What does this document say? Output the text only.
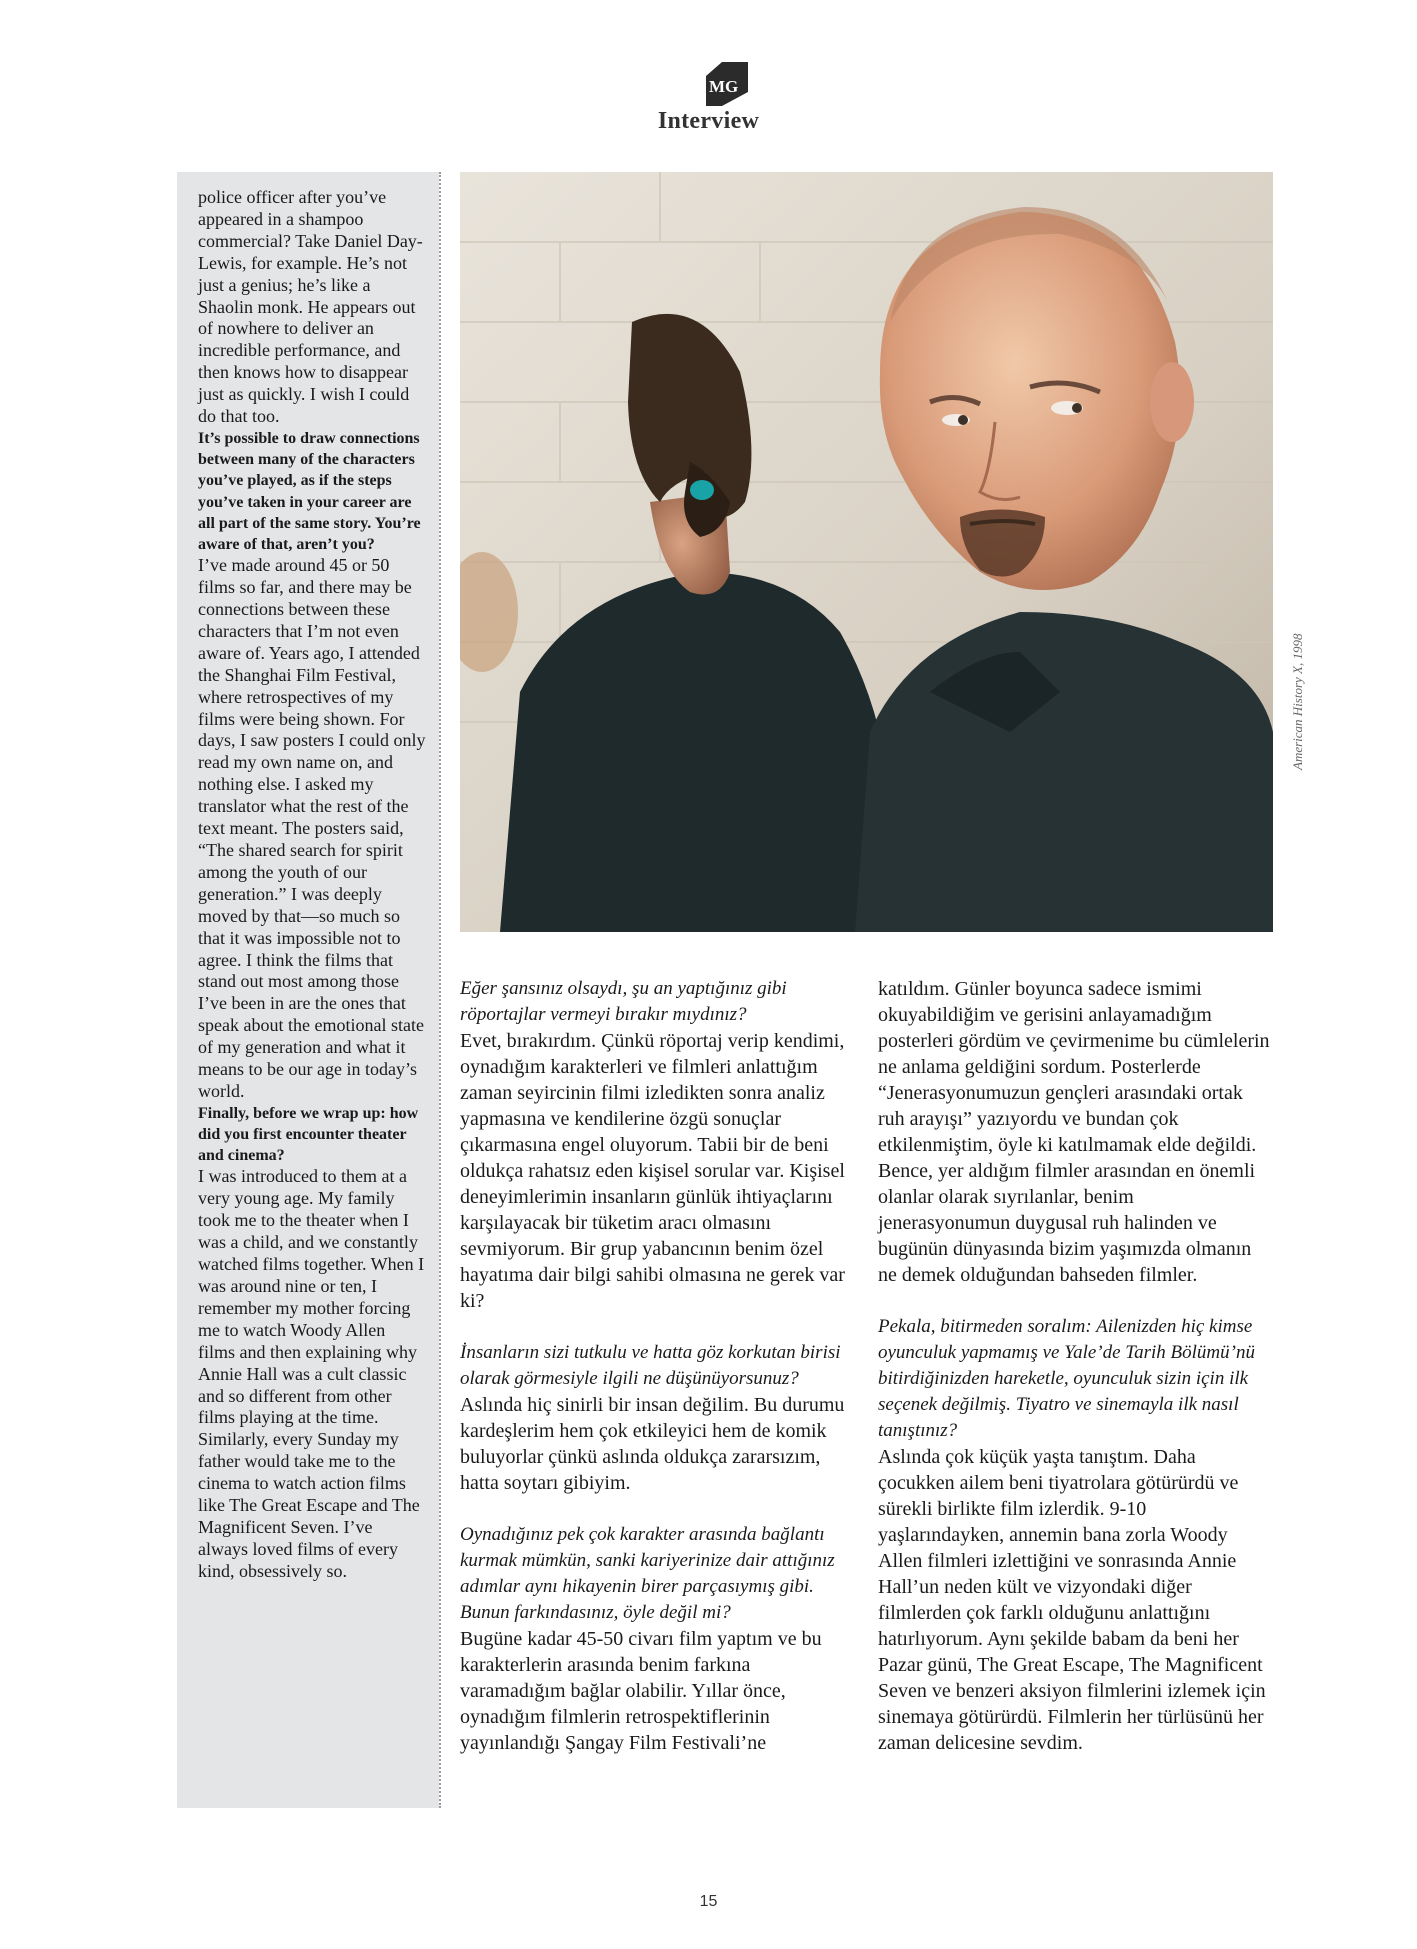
MG
Interview

police officer after you’ve appeared in a shampoo commercial? Take Daniel Day-Lewis, for example. He’s not just a genius; he’s like a Shaolin monk. He appears out of nowhere to deliver an incredible performance, and then knows how to disappear just as quickly. I wish I could do that too.

It’s possible to draw connections between many of the characters you’ve played, as if the steps you’ve taken in your career are all part of the same story. You’re aware of that, aren’t you?

I’ve made around 45 or 50 films so far, and there may be connections between these characters that I’m not even aware of. Years ago, I attended the Shanghai Film Festival, where retrospectives of my films were being shown. For days, I saw posters I could only read my own name on, and nothing else. I asked my translator what the rest of the text meant. The posters said, “The shared search for spirit among the youth of our generation.” I was deeply moved by that—so much so that it was impossible not to agree. I think the films that stand out most among those I’ve been in are the ones that speak about the emotional state of my generation and what it means to be our age in today’s world.

Finally, before we wrap up: how did you first encounter theater and cinema?

I was introduced to them at a very young age. My family took me to the theater when I was a child, and we constantly watched films together. When I was around nine or ten, I remember my mother forcing me to watch Woody Allen films and then explaining why Annie Hall was a cult classic and so different from other films playing at the time. Similarly, every Sunday my father would take me to the cinema to watch action films like The Great Escape and The Magnificent Seven. I’ve always loved films of every kind, obsessively so.

American History X, 1998

Eğer şansınız olsaydı, şu an yaptığınız gibi röportajlar vermeyi bırakır mıydınız?

Evet, bırakırdım. Çünkü röportaj verip kendimi, oynadığım karakterleri ve filmleri anlattığım zaman seyircinin filmi izledikten sonra analiz yapmasına ve kendilerine özgü sonuçlar çıkarmasına engel oluyorum. Tabii bir de beni oldukça rahatsız eden kişisel sorular var. Kişisel deneyimlerimin insanların günlük ihtiyaçlarını karşılayacak bir tüketim aracı olmasını sevmiyorum. Bir grup yabancının benim özel hayatıma dair bilgi sahibi olmasına ne gerek var ki?

İnsanların sizi tutkulu ve hatta göz korkutan birisi olarak görmesiyle ilgili ne düşünüyorsunuz?

Aslında hiç sinirli bir insan değilim. Bu durumu kardeşlerim hem çok etkileyici hem de komik buluyorlar çünkü aslında oldukça zararsızım, hatta soytarı gibiyim.

Oynadığınız pek çok karakter arasında bağlantı kurmak mümkün, sanki kariyerinize dair attığınız adımlar aynı hikayenin birer parçasıymış gibi. Bunun farkındasınız, öyle değil mi?

Bugüne kadar 45-50 civarı film yaptım ve bu karakterlerin arasında benim farkına varamadığım bağlar olabilir. Yıllar önce, oynadığım filmlerin retrospektiflerinin yayınlandığı Şangay Film Festivali’ne

katıldım. Günler boyunca sadece ismimi okuyabildiğim ve gerisini anlayamadığım posterleri gördüm ve çevirmenime bu cümlelerin ne anlama geldiğini sordum. Posterlerde “Jenerasyonumuzun gençleri arasındaki ortak ruh arayışı” yazıyordu ve bundan çok etkilenmiştim, öyle ki katılmamak elde değildi. Bence, yer aldığım filmler arasından en önemli olanlar olarak sıyrılanlar, benim jenerasyonumun duygusal ruh halinden ve bugünün dünyasında bizim yaşımızda olmanın ne demek olduğundan bahseden filmler.

Pekala, bitirmeden soralım: Ailenizden hiç kimse oyunculuk yapmamış ve Yale’de Tarih Bölümü’nü bitirdiğinizden hareketle, oyunculuk sizin için ilk seçenek değilmiş. Tiyatro ve sinemayla ilk nasıl tanıştınız?

Aslında çok küçük yaşta tanıştım. Daha çocukken ailem beni tiyatrolara götürürdü ve sürekli birlikte film izlerdik. 9-10 yaşlarındayken, annemin bana zorla Woody Allen filmleri izlettiğini ve sonrasında Annie Hall’un neden kült ve vizyondaki diğer filmlerden çok farklı olduğunu anlattığını hatırlıyorum. Aynı şekilde babam da beni her Pazar günü, The Great Escape, The Magnificent Seven ve benzeri aksiyon filmlerini izlemek için sinemaya götürürdü. Filmlerin her türlüsünü her zaman delicesine sevdim.

15
